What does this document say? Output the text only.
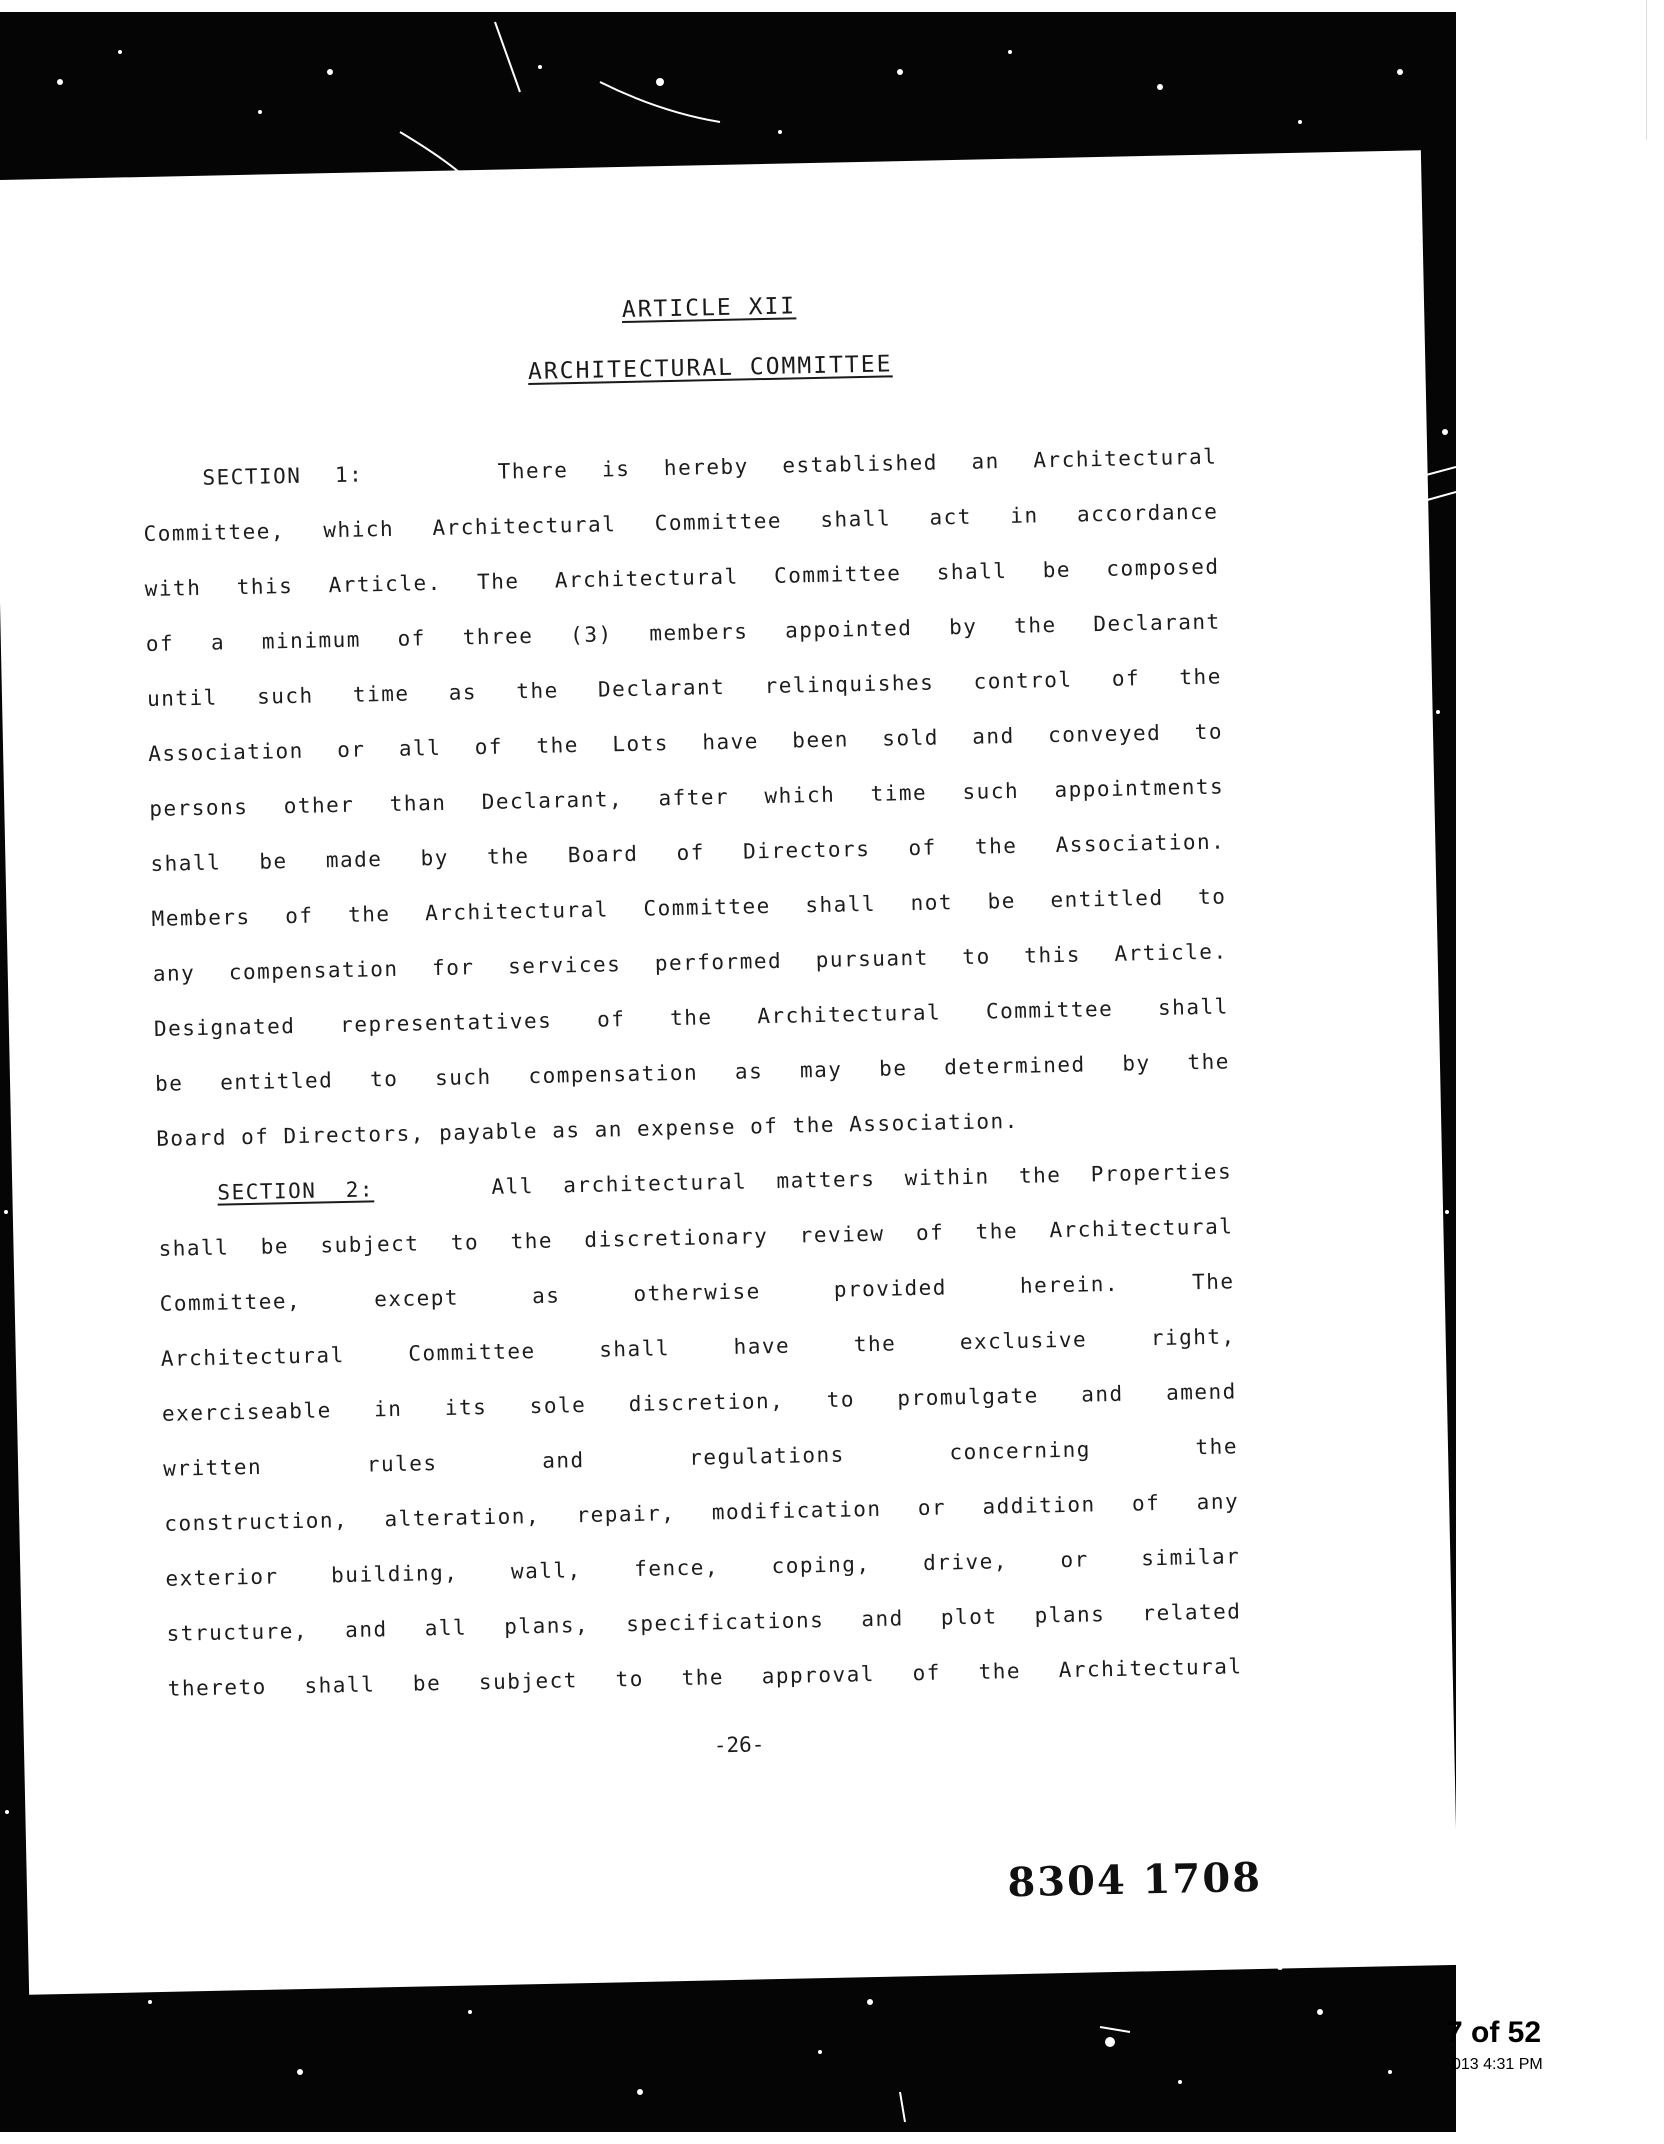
ARTICLE XII
ARCHITECTURAL COMMITTEE
SECTION 1:	There is hereby established an Architectural
Committee, which Architectural Committee shall act in accordance
with this Article. The Architectural Committee shall be composed
of a minimum of three (3) members appointed by the Declarant
until such time as the Declarant relinquishes control of the
Association or all of the Lots have been sold and conveyed to
persons other than Declarant, after which time such appointments
shall be made by the Board of Directors of the Association.
Members of the Architectural Committee shall not be entitled to
any compensation for services performed pursuant to this Article.
Designated representatives of the Architectural Committee shall
be entitled to such compensation as may be determined by the
Board of Directors, payable as an expense of the Association.
SECTION 2:	All architectural matters within the Properties
shall be subject to the discretionary review of the Architectural
Committee, except as otherwise provided herein. The
Architectural Committee shall have the exclusive right,
exerciseable in its sole discretion, to promulgate and amend
written rules and regulations concerning the
construction, alteration, repair, modification or addition of any
exterior building, wall, fence, coping, drive, or similar
structure, and all plans, specifications and plot plans related
thereto shall be subject to the approval of the Architectural
-26-
8304 1708
7 of 52
013 4:31 PM
